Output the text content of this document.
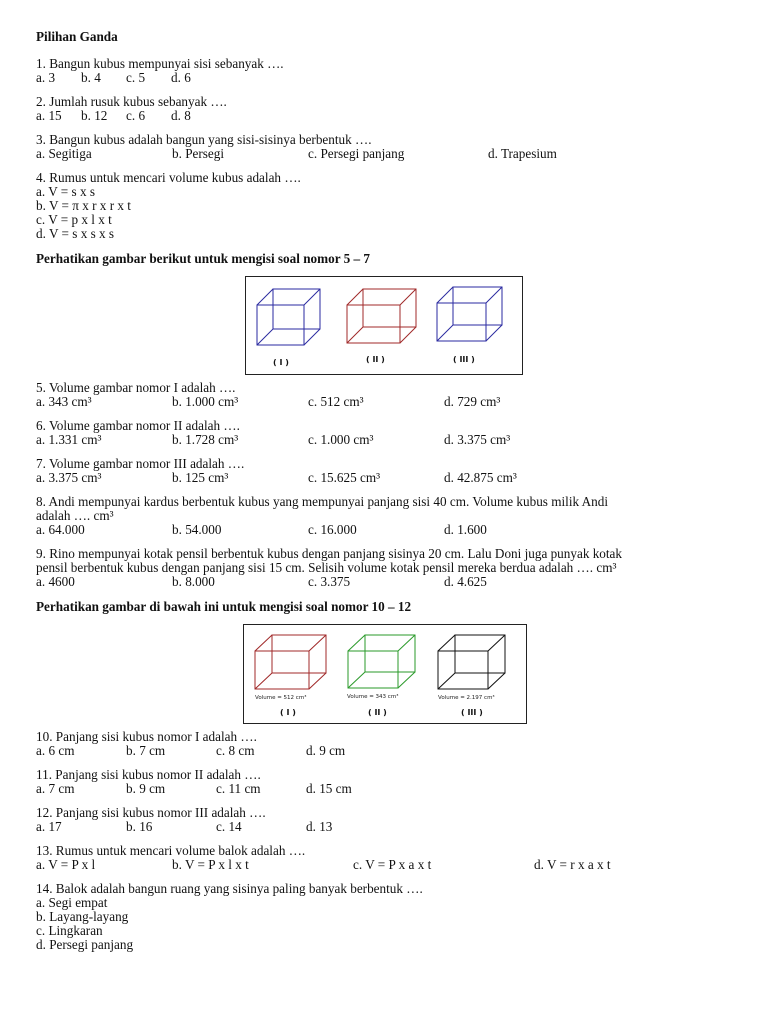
Pilihan Ganda
1. Bangun kubus mempunyai sisi sebanyak ….
a. 3	b. 4	c. 5	d. 6
2. Jumlah rusuk kubus sebanyak ….
a. 15	b. 12	c. 6	d. 8
3. Bangun kubus adalah bangun yang sisi-sisinya berbentuk ….
a. Segitiga	b. Persegi	c. Persegi panjang	d. Trapesium
4. Rumus untuk mencari volume kubus adalah ….
a. V = s x s
b. V = π x r x r x t
c. V = p x l x t
d. V = s x s x s
Perhatikan gambar berikut untuk mengisi soal nomor 5 – 7
10 cm	12 cm	25 cm
( I )	( II )	( III )
5. Volume gambar nomor I adalah ….
a. 343 cm³	b. 1.000 cm³	c. 512 cm³	d. 729 cm³
6. Volume gambar nomor II adalah ….
a. 1.331 cm³	b. 1.728 cm³	c. 1.000 cm³	d. 3.375 cm³
7. Volume gambar nomor III adalah ….
a. 3.375 cm³	b. 125 cm³	c. 15.625 cm³	d. 42.875 cm³
8. Andi mempunyai kardus berbentuk kubus yang mempunyai panjang sisi 40 cm. Volume kubus milik Andi
adalah …. cm³
a. 64.000	b. 54.000	c. 16.000	d. 1.600
9. Rino mempunyai kotak pensil berbentuk kubus dengan panjang sisinya 20 cm. Lalu Doni juga punyak kotak
pensil berbentuk kubus dengan panjang sisi 15 cm. Selisih volume kotak pensil mereka berdua adalah …. cm³
a. 4600	b. 8.000	c. 3.375	d. 4.625
Perhatikan gambar di bawah ini untuk mengisi soal nomor 10 – 12
Volume = 512 cm³	Volume = 343 cm³	Volume = 2.197 cm³
( I )	( II )	( III )
10. Panjang sisi kubus nomor I adalah ….
a. 6 cm	b. 7 cm	c. 8 cm	d. 9 cm
11. Panjang sisi kubus nomor II adalah ….
a. 7 cm	b. 9 cm	c. 11 cm	d. 15 cm
12. Panjang sisi kubus nomor III adalah ….
a. 17	b. 16	c. 14	d. 13
13. Rumus untuk mencari volume balok adalah ….
a. V = P x l	b. V = P x l x t	c. V = P x a x t	d. V = r x a x t
14. Balok adalah bangun ruang yang sisinya paling banyak berbentuk ….
a. Segi empat
b. Layang-layang
c. Lingkaran
d. Persegi panjang
